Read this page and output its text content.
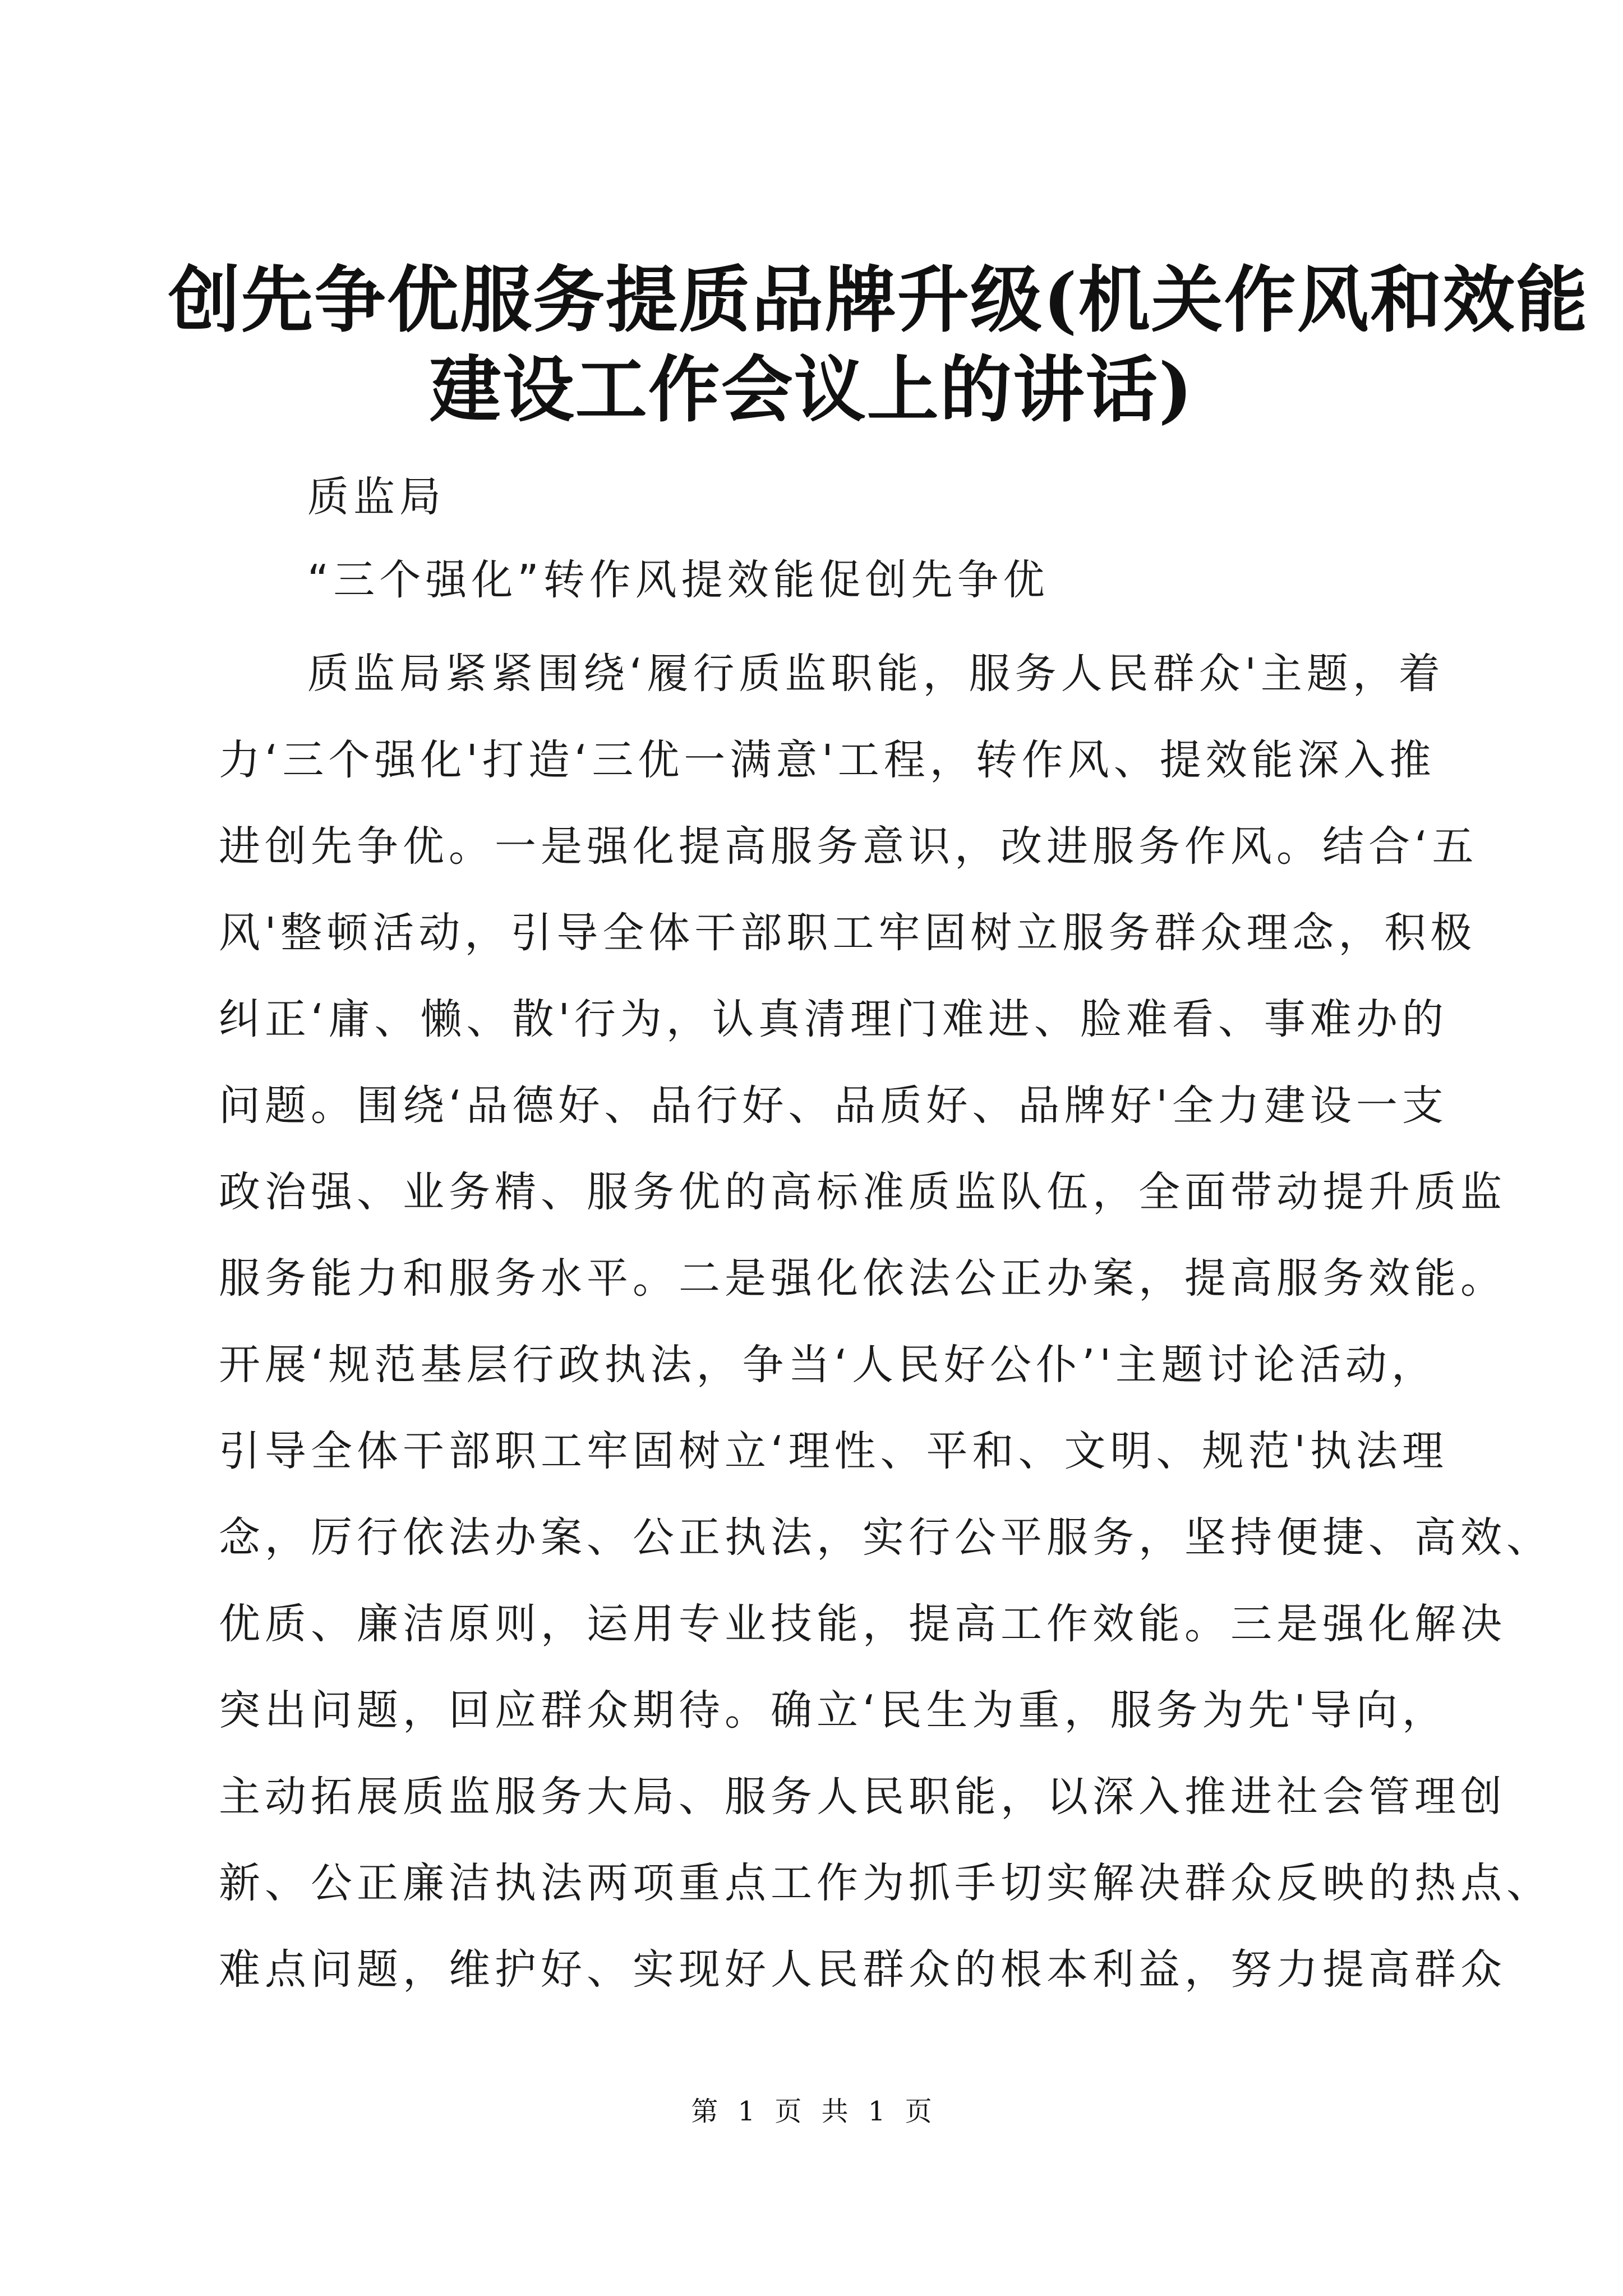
创先争优服务提质品牌升级(机关作风和效能
建设工作会议上的讲话)
质监局
“三个强化”转作风提效能促创先争优
质监局紧紧围绕‘履行质监职能，服务人民群众'主题，着
力‘三个强化'打造‘三优一满意'工程，转作风、提效能深入推
进创先争优。一是强化提高服务意识，改进服务作风。结合‘五
风'整顿活动，引导全体干部职工牢固树立服务群众理念，积极
纠正‘庸、懒、散'行为，认真清理门难进、脸难看、事难办的
问题。围绕‘品德好、品行好、品质好、品牌好'全力建设一支
政治强、业务精、服务优的高标准质监队伍，全面带动提升质监
服务能力和服务水平。二是强化依法公正办案，提高服务效能。
开展‘规范基层行政执法，争当‘人民好公仆’'主题讨论活动，
引导全体干部职工牢固树立‘理性、平和、文明、规范'执法理
念，厉行依法办案、公正执法，实行公平服务，坚持便捷、高效、
优质、廉洁原则，运用专业技能，提高工作效能。三是强化解决
突出问题，回应群众期待。确立‘民生为重，服务为先'导向，
主动拓展质监服务大局、服务人民职能，以深入推进社会管理创
新、公正廉洁执法两项重点工作为抓手切实解决群众反映的热点、
难点问题，维护好、实现好人民群众的根本利益，努力提高群众
第 1 页 共 1 页
